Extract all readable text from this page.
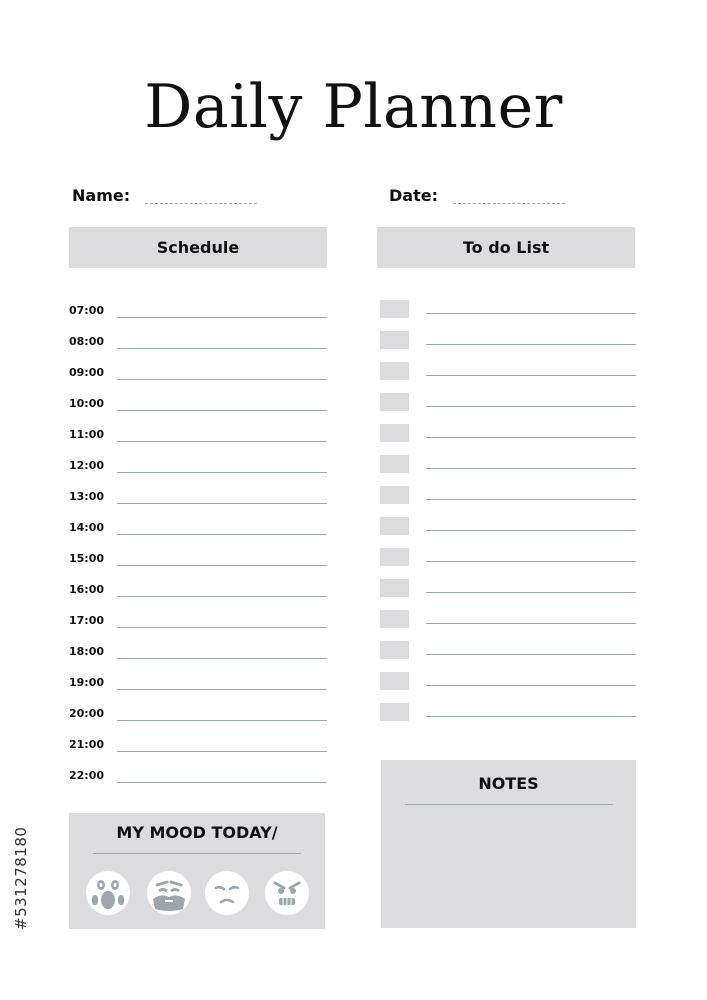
Daily Planner
Name:	Date:
Schedule	To do List
07:00
08:00
09:00
10:00
11:00
12:00
13:00
14:00
15:00
16:00
17:00
18:00
19:00
20:00
21:00
22:00
MY MOOD TODAY/
NOTES
#531278180
